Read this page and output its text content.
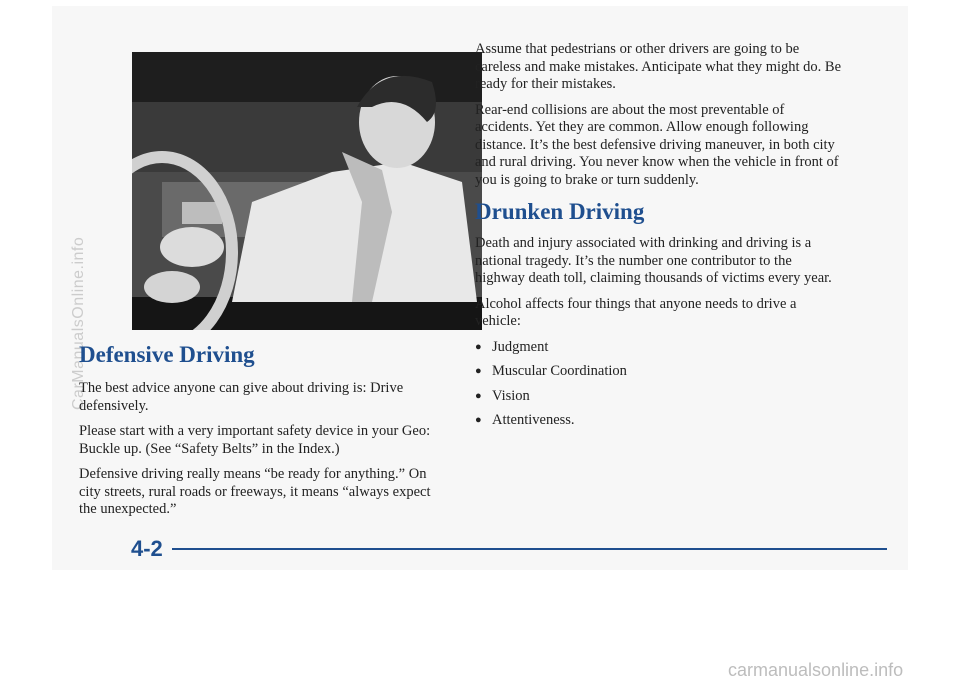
4-2
CarManualsOnline.info
Defensive Driving

The best advice anyone can give about driving is: Drive defensively.

Please start with a very important safety device in your Geo: Buckle up. (See “Safety Belts” in the Index.)

Defensive driving really means “be ready for anything.” On city streets, rural roads or freeways, it means “always expect the unexpected.”

Assume that pedestrians or other drivers are going to be careless and make mistakes. Anticipate what they might do. Be ready for their mistakes.

Rear-end collisions are about the most preventable of accidents. Yet they are common. Allow enough following distance. It’s the best defensive driving maneuver, in both city and rural driving. You never know when the vehicle in front of you is going to brake or turn suddenly.

Drunken Driving

Death and injury associated with drinking and driving is a national tragedy. It’s the number one contributor to the highway death toll, claiming thousands of victims every year.

Alcohol affects four things that anyone needs to drive a vehicle:

● Judgment
● Muscular Coordination
● Vision
● Attentiveness.
carmanualsonline.info
